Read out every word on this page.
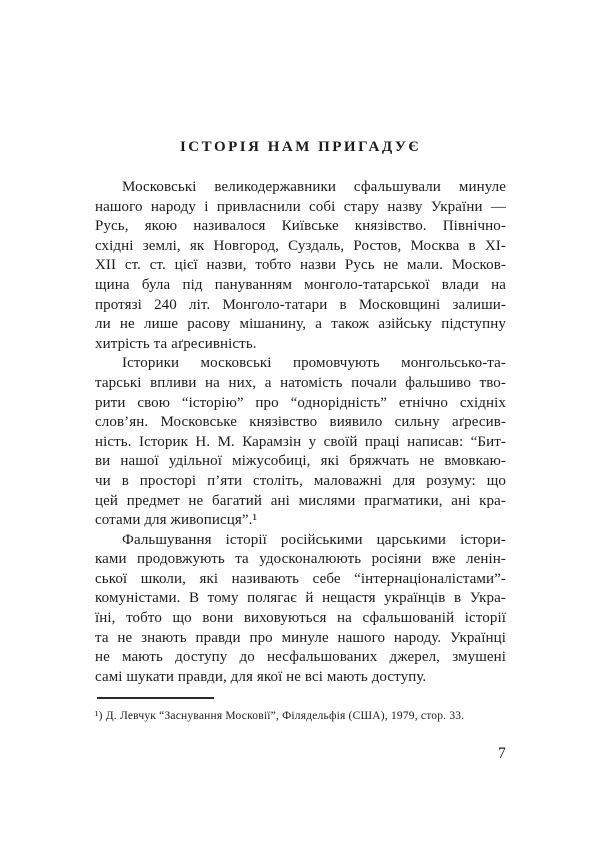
ІСТОРІЯ НАМ ПРИГАДУЄ

Московські великодержавники сфальшували минуле
нашого народу і привласнили собі стару назву України —
Русь, якою називалося Київське князівство. Північно-
східні землі, як Новгород, Суздаль, Ростов, Москва в XI-
XII ст. ст. цієї назви, тобто назви Русь не мали. Москов-
щина була під пануванням монголо-татарської влади на
протязі 240 літ. Монголо-татари в Московщині залиши-
ли не лише расову мішанину, а також азійську підступну
хитрість та аґресивність.

Історики московські промовчують монгольсько-та-
тарські впливи на них, а натомість почали фальшиво тво-
рити свою “історію” про “однорідність” етнічно східніх
слов’ян. Московське князівство виявило сильну аґресив-
ність. Історик Н. М. Карамзін у своїй праці написав: “Бит-
ви нашої удільної міжусобиці, які бряжчать не вмовкаю-
чи в просторі п’яти століть, маловажні для розуму: що
цей предмет не багатий ані мислями прагматики, ані кра-
сотами для живописця”.¹

Фальшування історії російськими царськими істори-
ками продовжують та удосконалюють росіяни вже ленін-
ської школи, які називають себе “інтернаціоналістами”-
комуністами. В тому полягає й нещастя українців в Укра-
їні, тобто що вони виховуються на сфальшованій історії
та не знають правди про минуле нашого народу. Українці
не мають доступу до несфальшованих джерел, змушені
самі шукати правди, для якої не всі мають доступу.

¹) Д. Левчук “Заснування Московії”, Філядельфія (США), 1979, стор. 33.
7
